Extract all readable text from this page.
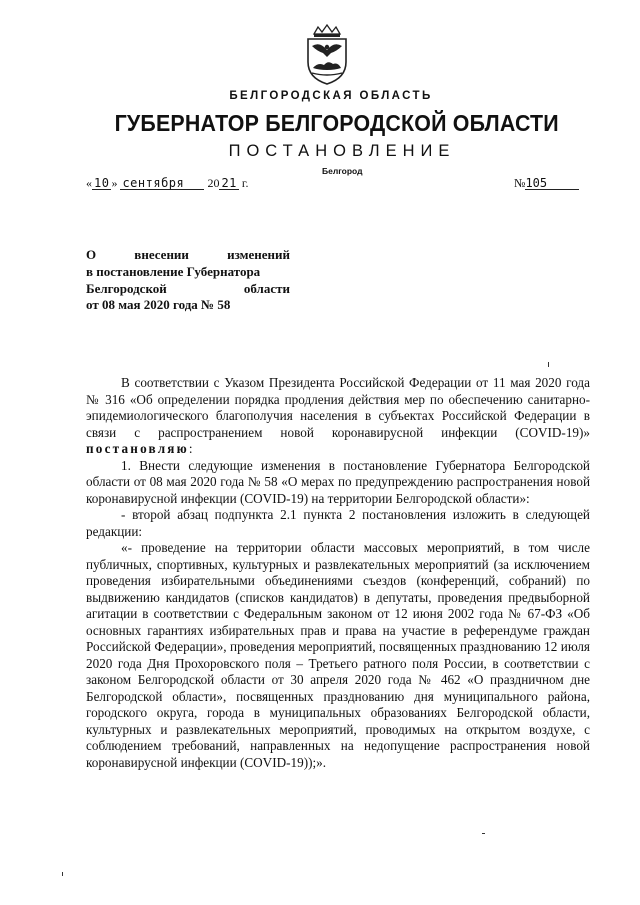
БЕЛГОРОДСКАЯ ОБЛАСТЬ
ГУБЕРНАТОР БЕЛГОРОДСКОЙ ОБЛАСТИ
ПОСТАНОВЛЕНИЕ
Белгород
« 10 » сентября 20 21 г.	№105
О внесении изменений
в постановление Губернатора
Белгородской области
от 08 мая 2020 года № 58

В соответствии с Указом Президента Российской Федерации от 11 мая 2020 года № 316 «Об определении порядка продления действия мер по обеспечению санитарно-эпидемиологического благополучия населения в субъектах Российской Федерации в связи с распространением новой коронавирусной инфекции (COVID-19)» постановляю:

1. Внести следующие изменения в постановление Губернатора Белгородской области от 08 мая 2020 года № 58 «О мерах по предупреждению распространения новой коронавирусной инфекции (COVID-19) на территории Белгородской области»:

- второй абзац подпункта 2.1 пункта 2 постановления изложить в следующей редакции:

«- проведение на территории области массовых мероприятий, в том числе публичных, спортивных, культурных и развлекательных мероприятий (за исключением проведения избирательными объединениями съездов (конференций, собраний) по выдвижению кандидатов (списков кандидатов) в депутаты, проведения предвыборной агитации в соответствии с Федеральным законом от 12 июня 2002 года № 67-ФЗ «Об основных гарантиях избирательных прав и права на участие в референдуме граждан Российской Федерации», проведения мероприятий, посвященных празднованию 12 июля 2020 года Дня Прохоровского поля – Третьего ратного поля России, в соответствии с законом Белгородской области от 30 апреля 2020 года № 462 «О праздничном дне Белгородской области», посвященных празднованию дня муниципального района, городского округа, города в муниципальных образованиях Белгородской области, культурных и развлекательных мероприятий, проводимых на открытом воздухе, с соблюдением требований, направленных на недопущение распространения новой коронавирусной инфекции (COVID-19));».
